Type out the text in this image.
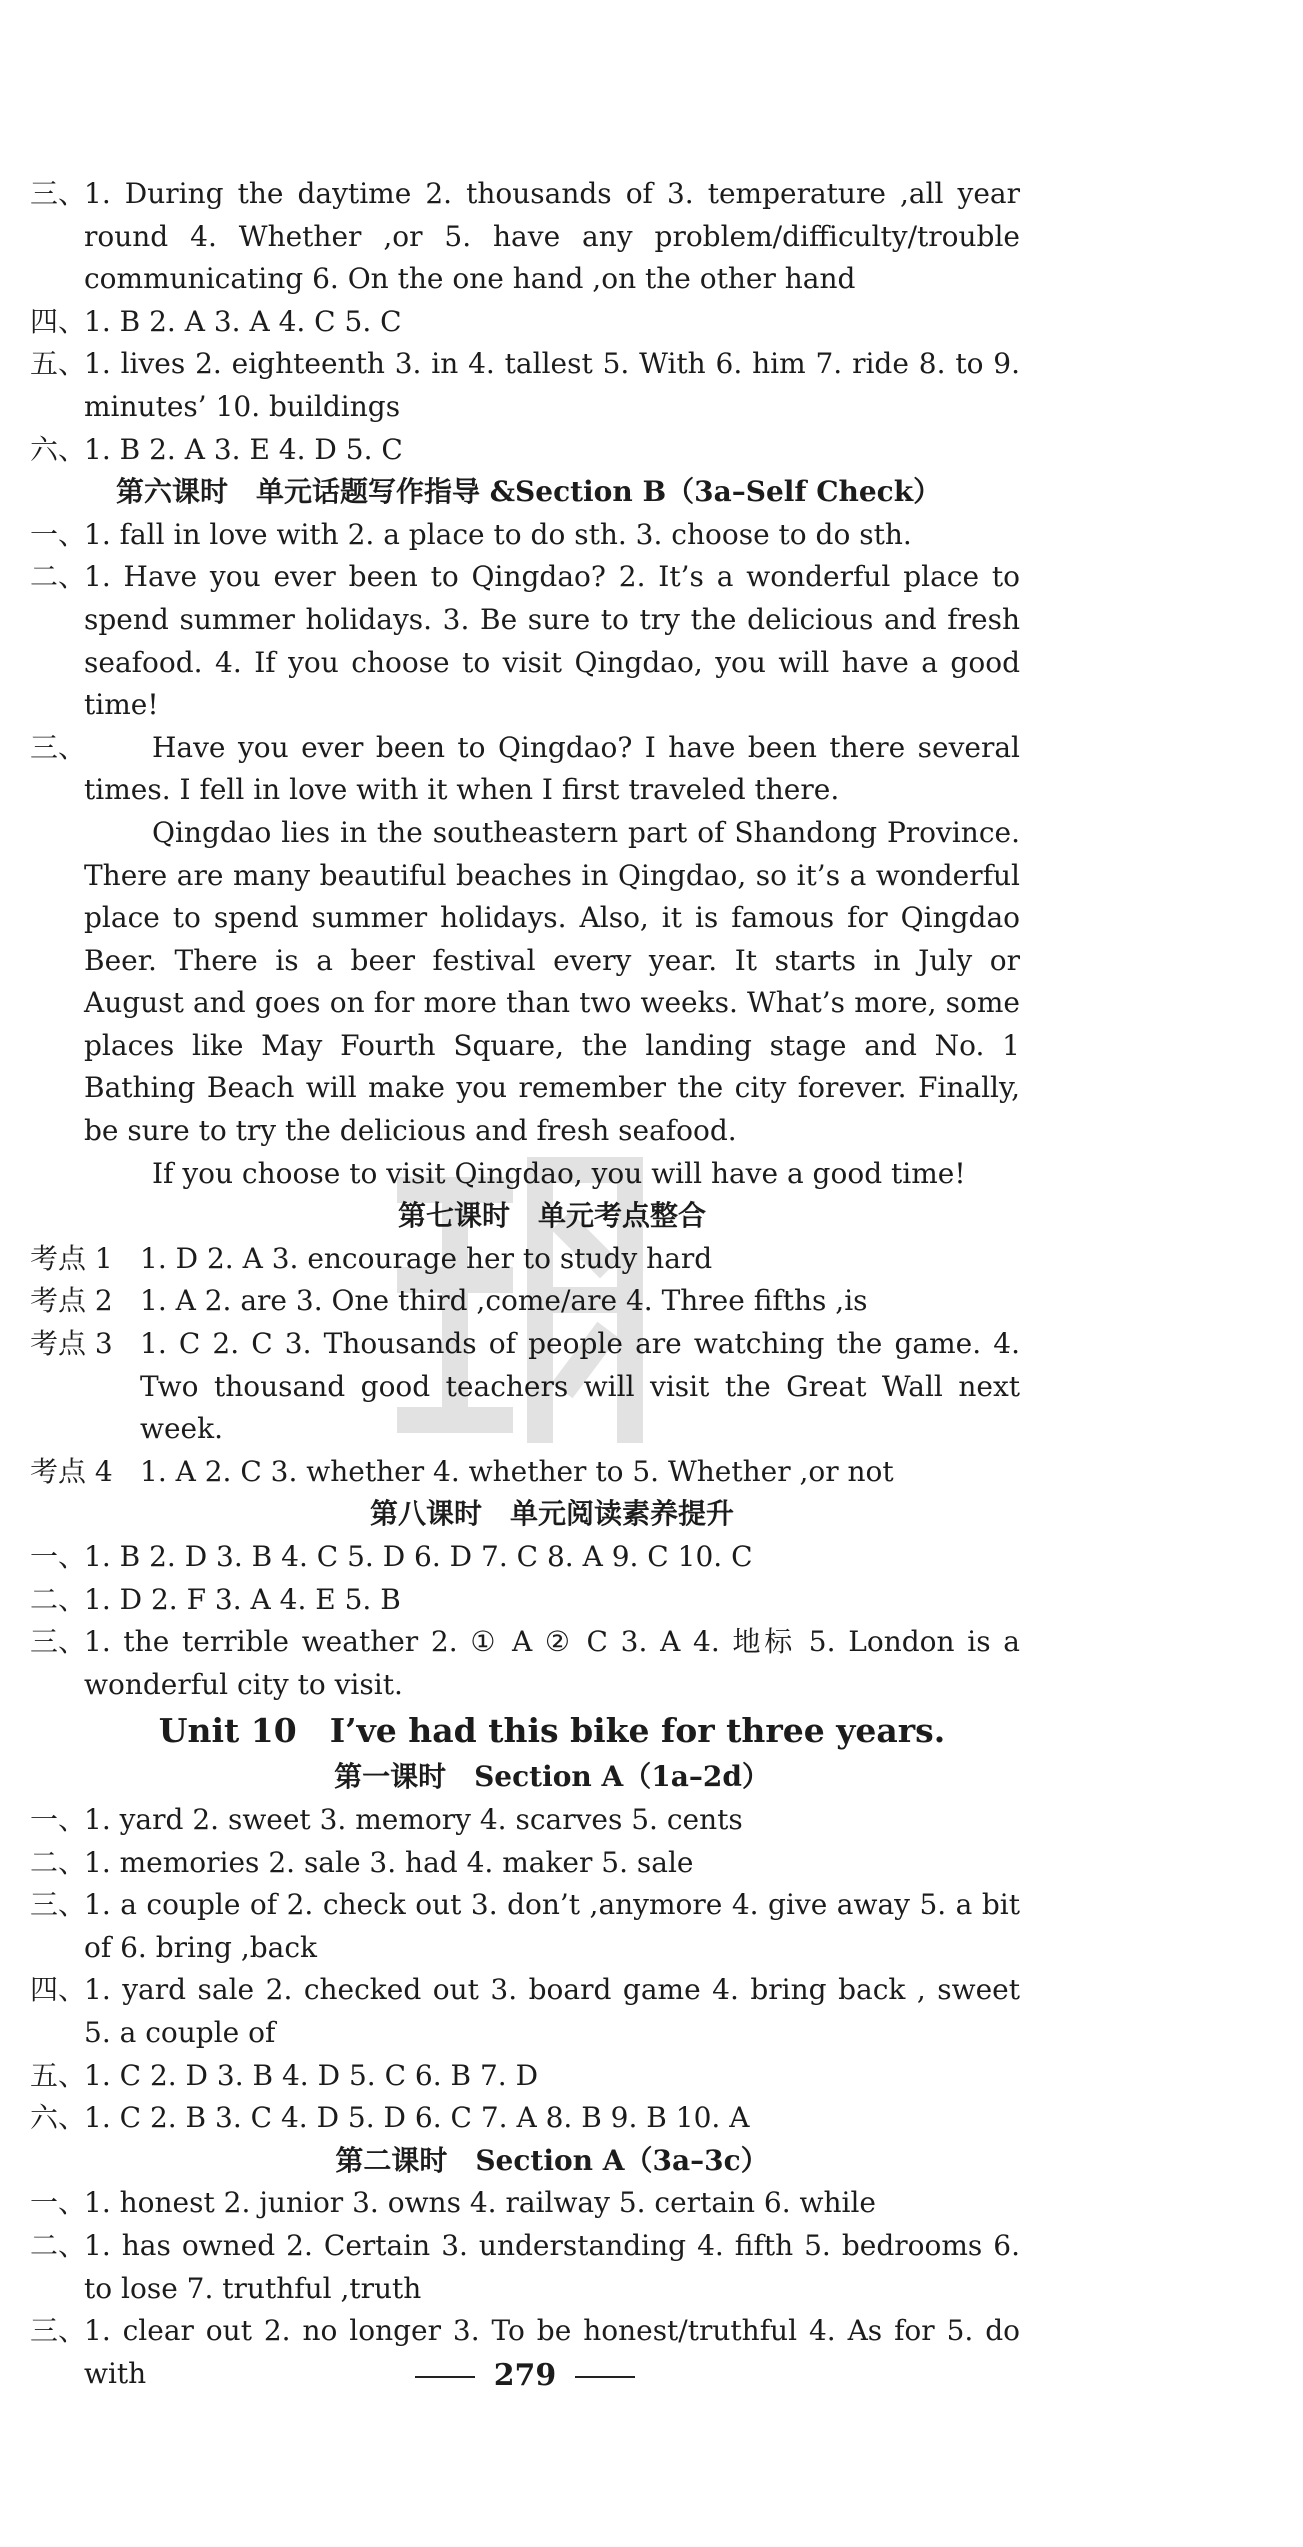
三、
1. During the daytime 2. thousands of 3. temperature ,all year round 4. Whether ,or 5. have any problem/difficulty/trouble communicating 6. On the one hand ,on the other hand
四、
1. B 2. A 3. A 4. C 5. C
五、
1. lives 2. eighteenth 3. in 4. tallest 5. With 6. him 7. ride 8. to 9. minutes’ 10. buildings
六、
1. B 2. A 3. E 4. D 5. C
第六课时　单元话题写作指导 &Section B（3a–Self Check）
一、
1. fall in love with 2. a place to do sth. 3. choose to do sth.
二、
1. Have you ever been to Qingdao? 2. It’s a wonderful place to spend summer holidays. 3. Be sure to try the delicious and fresh seafood. 4. If you choose to visit Qingdao, you will have a good time!
三、	Have you ever been to Qingdao? I have been there several times. I fell in love with it when I first traveled there.
Qingdao lies in the southeastern part of Shandong Province. There are many beautiful beaches in Qingdao, so it’s a wonderful place to spend summer holidays. Also, it is famous for Qingdao Beer. There is a beer festival every year. It starts in July or August and goes on for more than two weeks. What’s more, some places like May Fourth Square, the landing stage and No. 1 Bathing Beach will make you remember the city forever. Finally, be sure to try the delicious and fresh seafood.
If you choose to visit Qingdao, you will have a good time!
第七课时　单元考点整合
考点 1 1. D 2. A 3. encourage her to study hard
考点 2 1. A 2. are 3. One third ,come/are 4. Three fifths ,is
考点 3 1. C 2. C 3. Thousands of people are watching the game. 4. Two thousand good teachers will visit the Great Wall next week.
考点 4 1. A 2. C 3. whether 4. whether to 5. Whether ,or not
第八课时　单元阅读素养提升
一、
1. B 2. D 3. B 4. C 5. D 6. D 7. C 8. A 9. C 10. C
二、
1. D 2. F 3. A 4. E 5. B
三、
1. the terrible weather 2. ① A ② C 3. A 4. 地标 5. London is a wonderful city to visit.
Unit 10　I’ve had this bike for three years.
第一课时　Section A（1a–2d）
一、
1. yard 2. sweet 3. memory 4. scarves 5. cents
二、
1. memories 2. sale 3. had 4. maker 5. sale
三、
1. a couple of 2. check out 3. don’t ,anymore 4. give away 5. a bit of 6. bring ,back
四、
1. yard sale 2. checked out 3. board game 4. bring back , sweet 5. a couple of
五、
1. C 2. D 3. B 4. D 5. C 6. B 7. D
六、
1. C 2. B 3. C 4. D 5. D 6. C 7. A 8. B 9. B 10. A
第二课时　Section A（3a–3c）
一、
1. honest 2. junior 3. owns 4. railway 5. certain 6. while
二、
1. has owned 2. Certain 3. understanding 4. fifth 5. bedrooms 6. to lose 7. truthful ,truth
三、
1. clear out 2. no longer 3. To be honest/truthful 4. As for 5. do with	279
